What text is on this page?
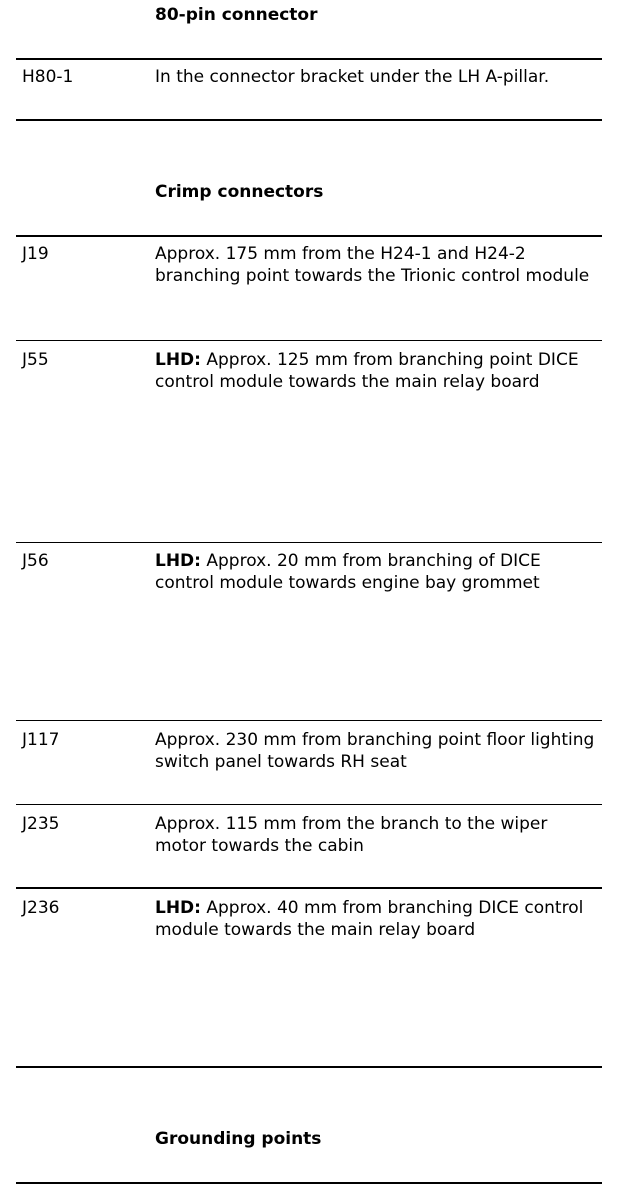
80-pin connector
H80-1	In the connector bracket under the LH A-pillar.
Crimp connectors
J19	Approx. 175 mm from the H24-1 and H24-2 branching point towards the Trionic control module
J55	LHD: Approx. 125 mm from branching point DICE control module towards the main relay board
J56	LHD: Approx. 20 mm from branching of DICE control module towards engine bay grommet
J117	Approx. 230 mm from branching point floor lighting switch panel towards RH seat
J235	Approx. 115 mm from the branch to the wiper motor towards the cabin
J236	LHD: Approx. 40 mm from branching DICE control module towards the main relay board
Grounding points
